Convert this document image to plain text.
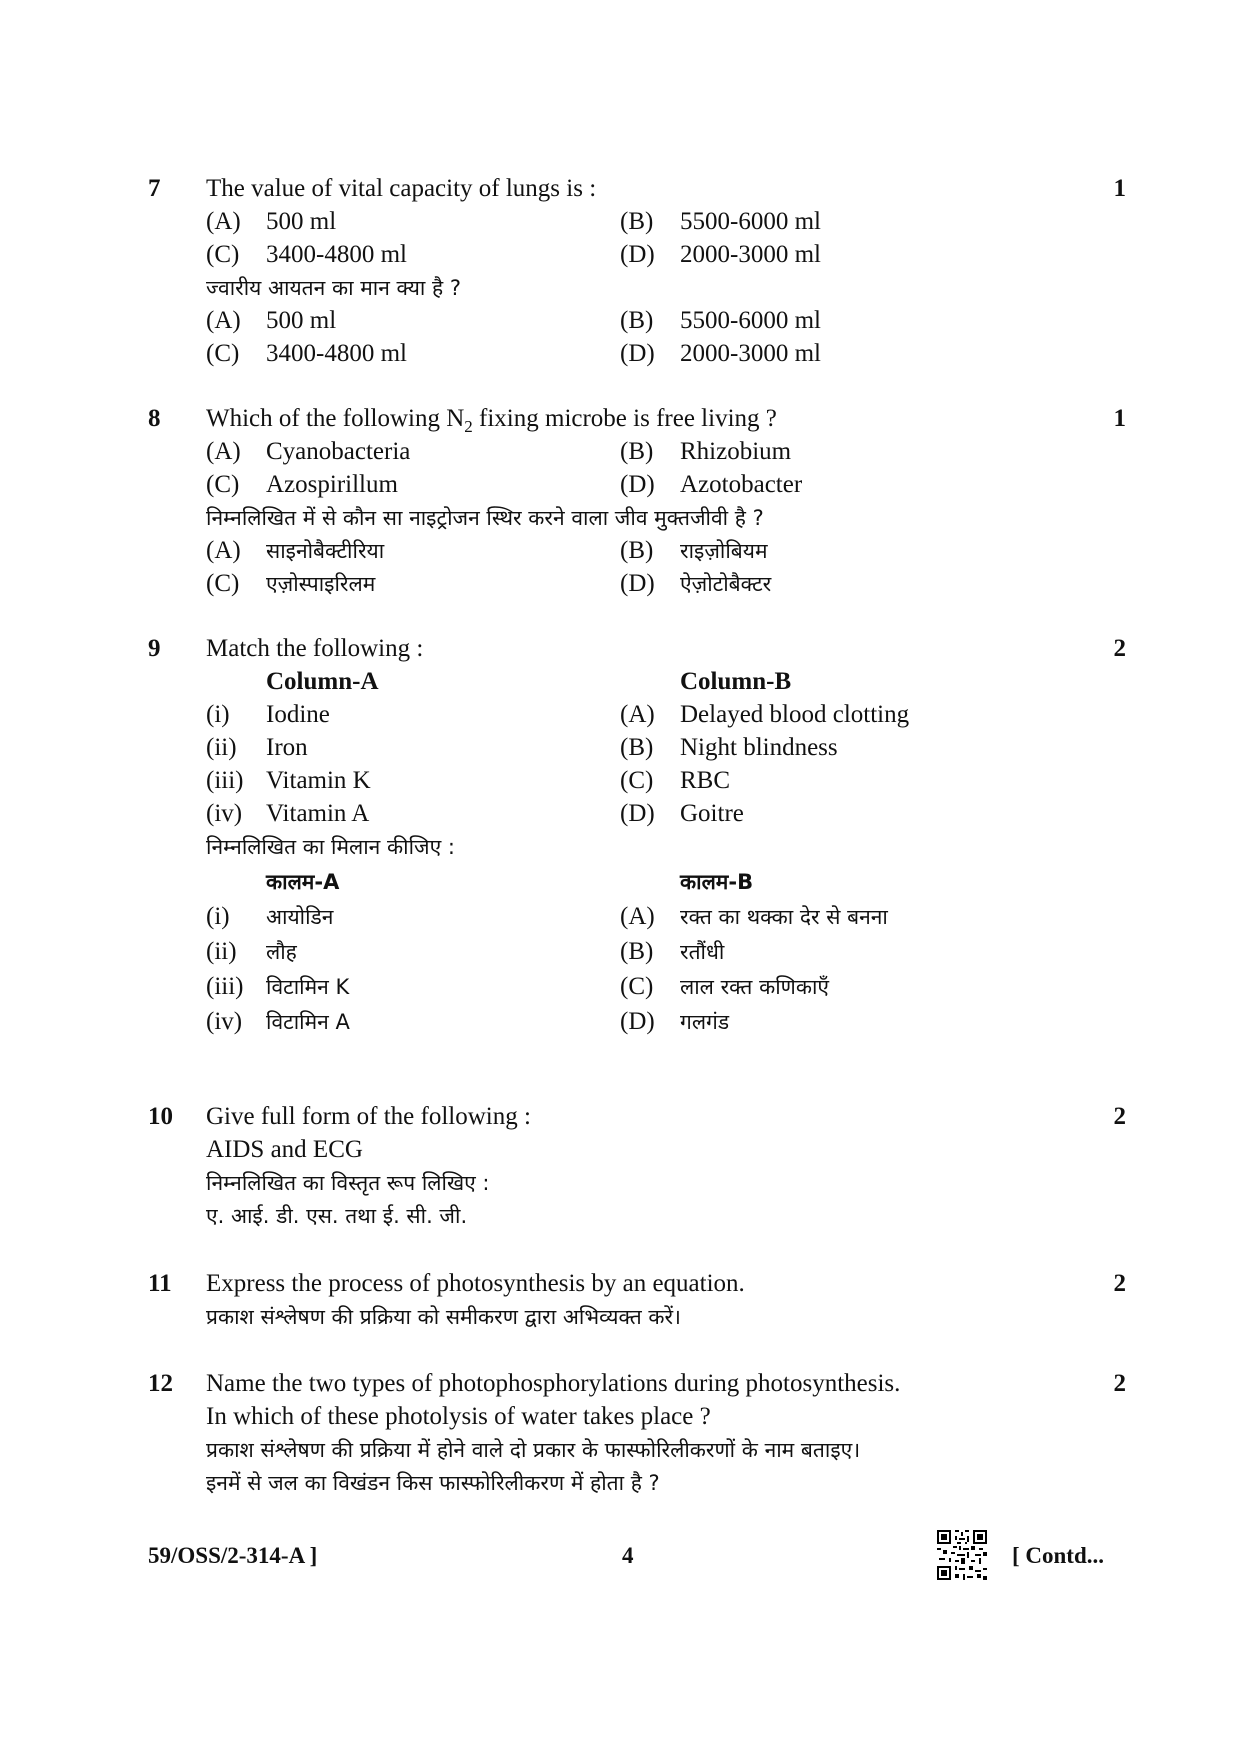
7 The value of vital capacity of lungs is :	1
(A) 500 ml	(B) 5500-6000 ml
(C) 3400-4800 ml	(D) 2000-3000 ml
ज्वारीय आयतन का मान क्या है ?
(A) 500 ml	(B) 5500-6000 ml
(C) 3400-4800 ml	(D) 2000-3000 ml
8 Which of the following $N_2$ fixing microbe is free living ?	1
(A) Cyanobacteria	(B) Rhizobium
(C) Azospirillum	(D) Azotobacter
निम्नलिखित में से कौन सा नाइट्रोजन स्थिर करने वाला जीव मुक्तजीवी है ?
(A) साइनोबैक्टीरिया	(B) राइज़ोबियम
(C) एज़ोस्पाइरिलम	(D) ऐज़ोटोबैक्टर
9 Match the following :	2
Column-A	Column-B
(i) Iodine	(A) Delayed blood clotting
(ii) Iron	(B) Night blindness
(iii) Vitamin K	(C) RBC
(iv) Vitamin A	(D) Goitre
निम्नलिखित का मिलान कीजिए :
कालम-A	कालम-B
(i) आयोडिन	(A) रक्त का थक्का देर से बनना
(ii) लौह	(B) रतौंधी
(iii) विटामिन K	(C) लाल रक्त कणिकाएँ
(iv) विटामिन A	(D) गलगंड
10 Give full form of the following :	2
AIDS and ECG
निम्नलिखित का विस्तृत रूप लिखिए :
ए. आई. डी. एस. तथा ई. सी. जी.
11 Express the process of photosynthesis by an equation.	2
प्रकाश संश्लेषण की प्रक्रिया को समीकरण द्वारा अभिव्यक्त करें।
12 Name the two types of photophosphorylations during photosynthesis.	2
In which of these photolysis of water takes place ?
प्रकाश संश्लेषण की प्रक्रिया में होने वाले दो प्रकार के फास्फोरिलीकरणों के नाम बताइए।
इनमें से जल का विखंडन किस फास्फोरिलीकरण में होता है ?
59/OSS/2-314-A ]	4	[ Contd...
